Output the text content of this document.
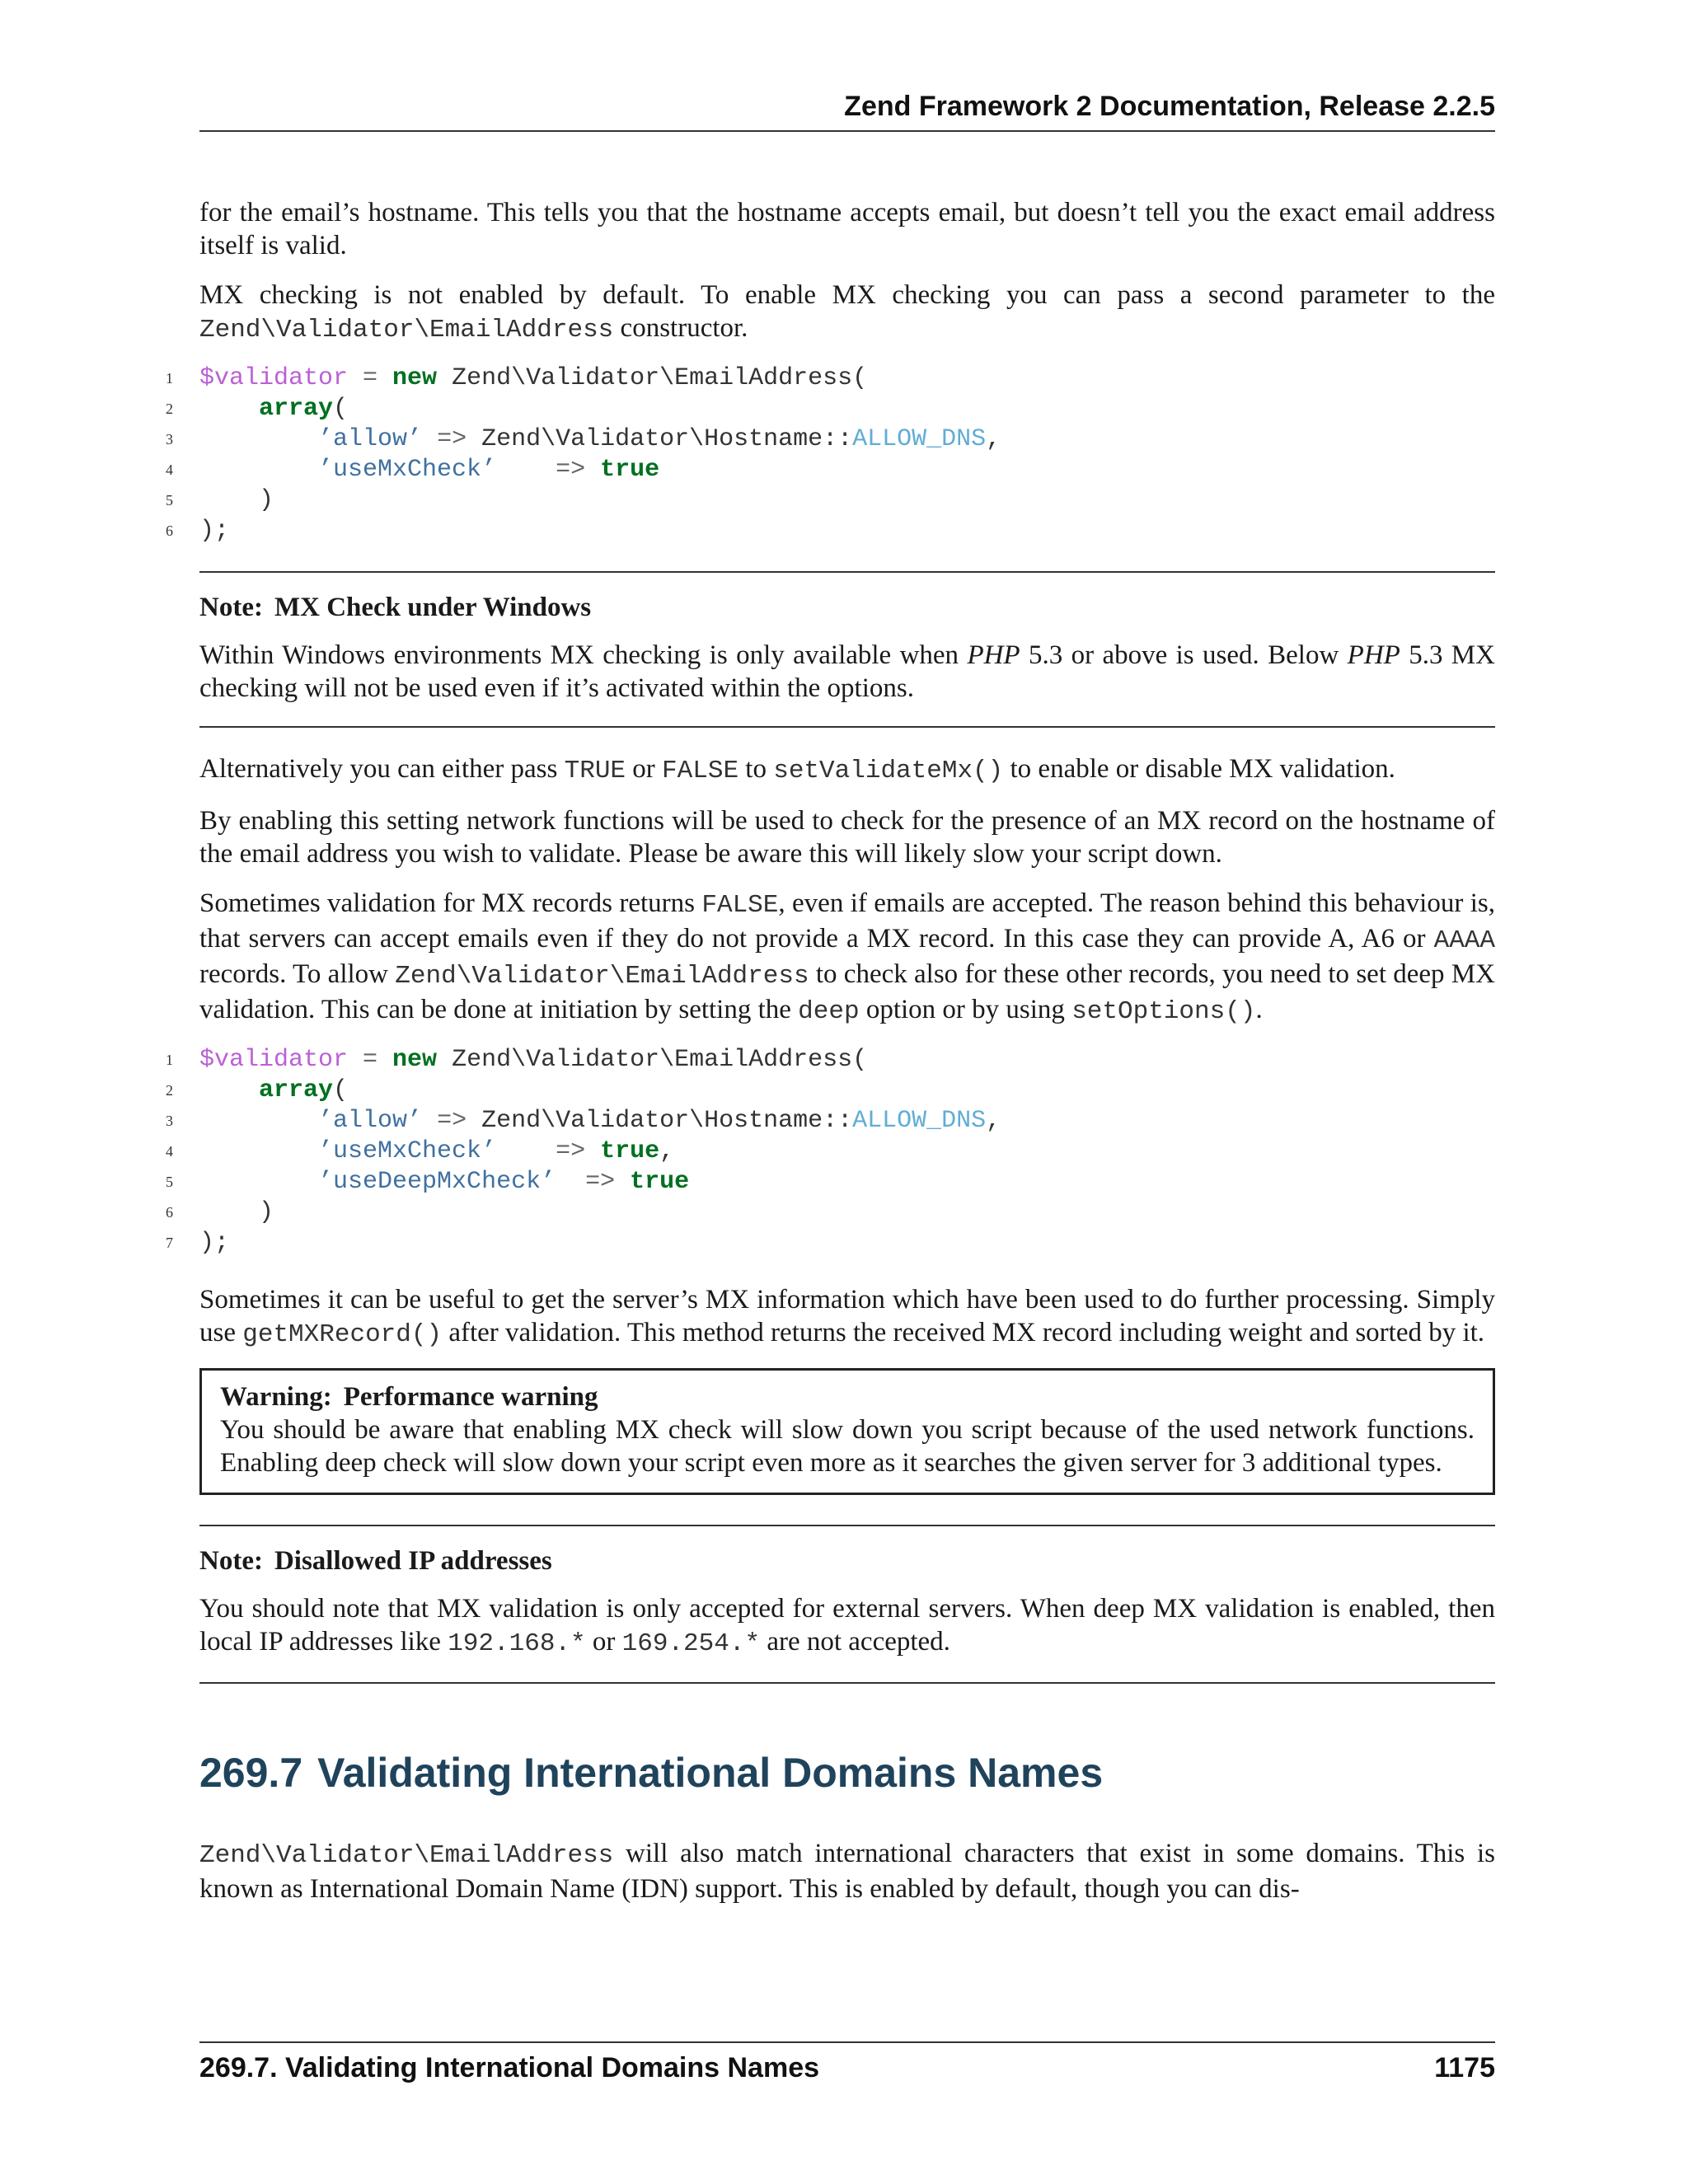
Zend Framework 2 Documentation, Release 2.2.5

for the email’s hostname. This tells you that the hostname accepts email, but doesn’t tell you the exact email address itself is valid.

MX checking is not enabled by default. To enable MX checking you can pass a second parameter to the Zend\Validator\EmailAddress constructor.

1 $validator = new Zend\Validator\EmailAddress(
2	array(
3	’allow’ => Zend\Validator\Hostname::ALLOW_DNS,
4	’useMxCheck’    => true
5 )
6 );
Note: MX Check under Windows

Within Windows environments MX checking is only available when PHP 5.3 or above is used. Below PHP 5.3 MX checking will not be used even if it’s activated within the options.

Alternatively you can either pass TRUE or FALSE to setValidateMx() to enable or disable MX validation.

By enabling this setting network functions will be used to check for the presence of an MX record on the hostname of the email address you wish to validate. Please be aware this will likely slow your script down.

Sometimes validation for MX records returns FALSE, even if emails are accepted. The reason behind this behaviour is, that servers can accept emails even if they do not provide a MX record. In this case they can provide A, A6 or AAAA records. To allow Zend\Validator\EmailAddress to check also for these other records, you need to set deep MX validation. This can be done at initiation by setting the deep option or by using setOptions().

1 $validator = new Zend\Validator\EmailAddress(
2	array(
3	’allow’ => Zend\Validator\Hostname::ALLOW_DNS,
4	’useMxCheck’    => true,
5	’useDeepMxCheck’  => true
6 )
7 );

Sometimes it can be useful to get the server’s MX information which have been used to do further processing. Simply use getMXRecord() after validation. This method returns the received MX record including weight and sorted by it.

Warning: Performance warning

You should be aware that enabling MX check will slow down you script because of the used network functions. Enabling deep check will slow down your script even more as it searches the given server for 3 additional types.

Note: Disallowed IP addresses

You should note that MX validation is only accepted for external servers. When deep MX validation is enabled, then local IP addresses like 192.168.* or 169.254.* are not accepted.

269.7 Validating International Domains Names

Zend\Validator\EmailAddress will also match international characters that exist in some domains. This is known as International Domain Name (IDN) support. This is enabled by default, though you can dis-

269.7. Validating International Domains Names	1175
